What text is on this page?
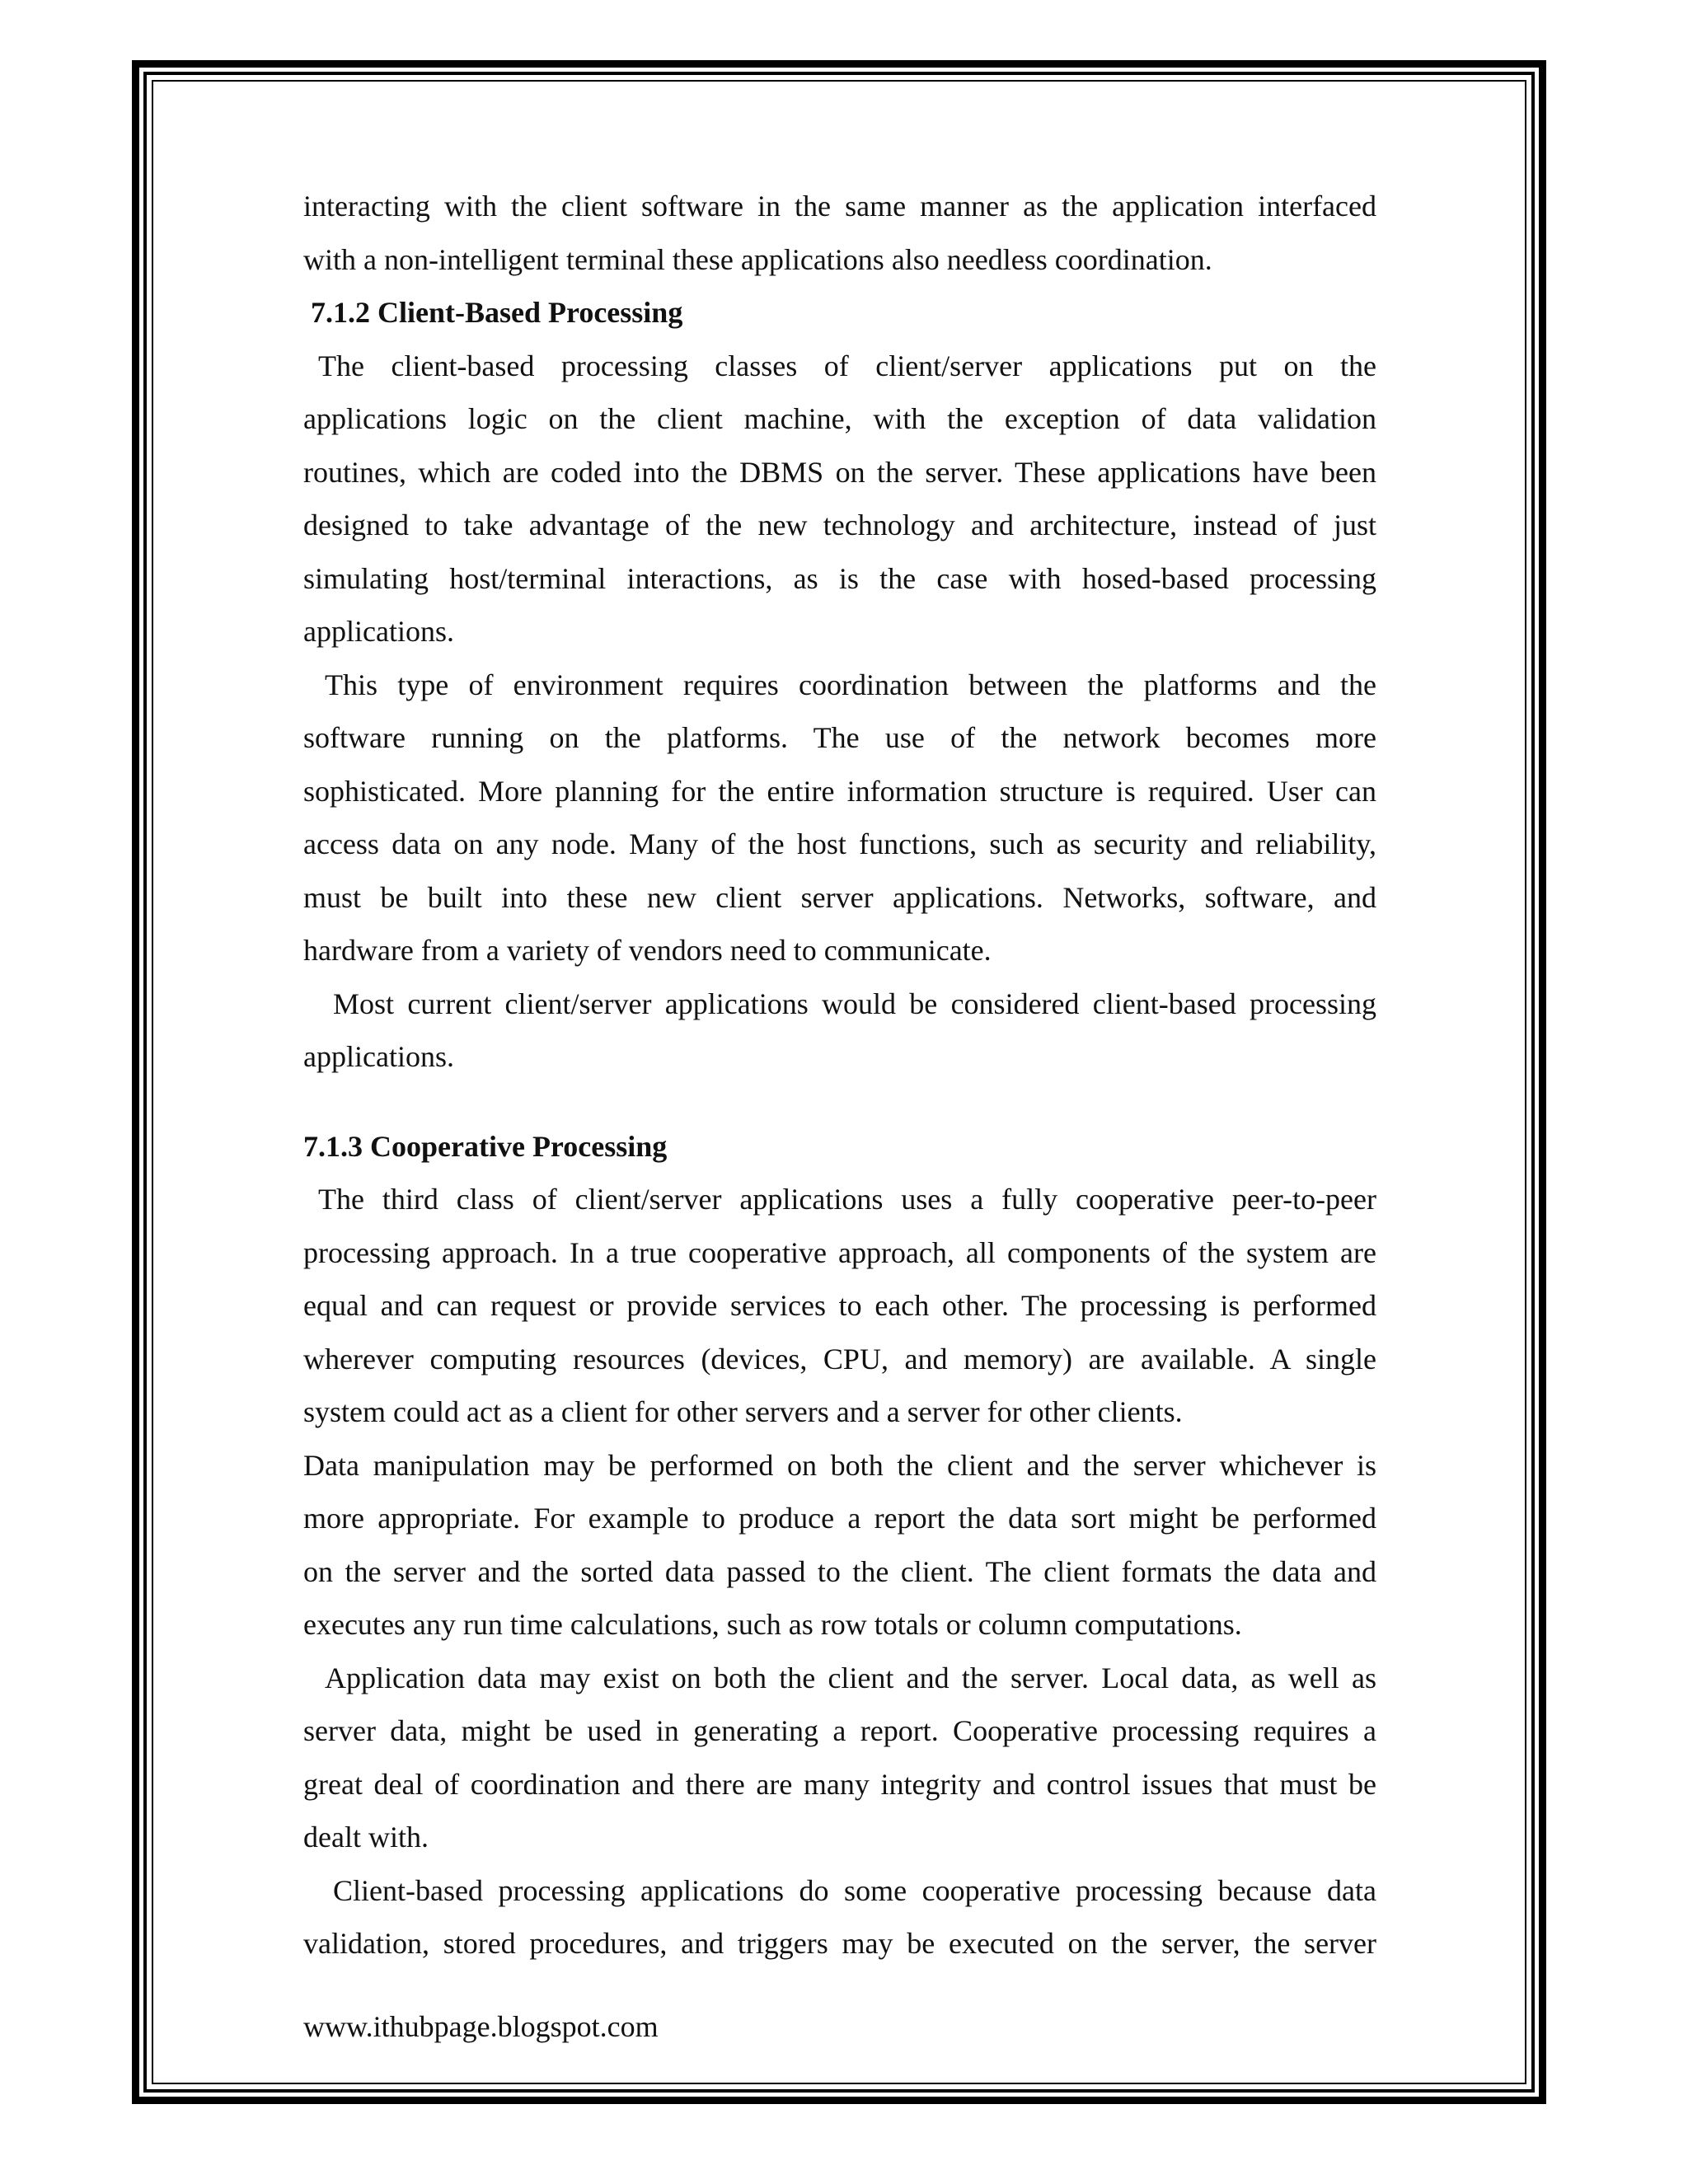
interacting with the client software in the same manner as the application interfaced
with a non-intelligent terminal these applications also needless coordination.
7.1.2 Client-Based Processing
The client-based processing classes of client/server applications put on the
applications logic on the client machine, with the exception of data validation
routines, which are coded into the DBMS on the server. These applications have been
designed to take advantage of the new technology and architecture, instead of just
simulating host/terminal interactions, as is the case with hosed-based processing
applications.
This type of environment requires coordination between the platforms and the
software running on the platforms. The use of the network becomes more
sophisticated. More planning for the entire information structure is required. User can
access data on any node. Many of the host functions, such as security and reliability,
must be built into these new client server applications. Networks, software, and
hardware from a variety of vendors need to communicate.
Most current client/server applications would be considered client-based processing
applications.
7.1.3 Cooperative Processing
The third class of client/server applications uses a fully cooperative peer-to-peer
processing approach. In a true cooperative approach, all components of the system are
equal and can request or provide services to each other. The processing is performed
wherever computing resources (devices, CPU, and memory) are available. A single
system could act as a client for other servers and a server for other clients.
Data manipulation may be performed on both the client and the server whichever is
more appropriate. For example to produce a report the data sort might be performed
on the server and the sorted data passed to the client. The client formats the data and
executes any run time calculations, such as row totals or column computations.
Application data may exist on both the client and the server. Local data, as well as
server data, might be used in generating a report. Cooperative processing requires a
great deal of coordination and there are many integrity and control issues that must be
dealt with.
Client-based processing applications do some cooperative processing because data
validation, stored procedures, and triggers may be executed on the server, the server
www.ithubpage.blogspot.com
